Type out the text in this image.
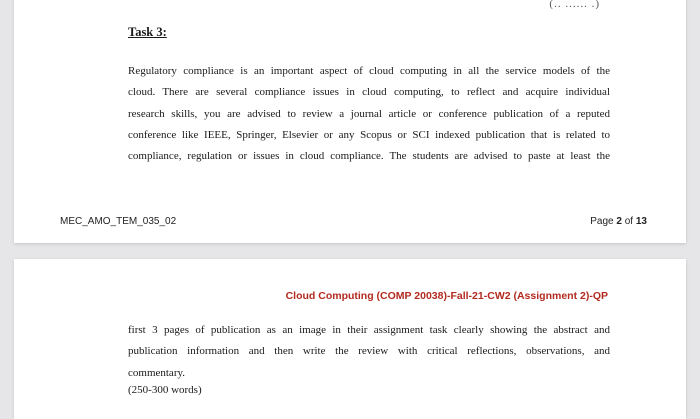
(.. ...... .)
Task 3:
Regulatory compliance is an important aspect of cloud computing in all the service models of the
cloud. There are several compliance issues in cloud computing, to reflect and acquire individual
research skills, you are advised to review a journal article or conference publication of a reputed
conference like IEEE, Springer, Elsevier or any Scopus or SCI indexed publication that is related to
compliance, regulation or issues in cloud compliance. The students are advised to paste at least the
MEC_AMO_TEM_035_02	Page 2 of 13
Cloud Computing (COMP 20038)-Fall-21-CW2 (Assignment 2)-QP
first 3 pages of publication as an image in their assignment task clearly showing the abstract and
publication information and then write the review with critical reflections, observations, and
commentary.
(250-300 words)
